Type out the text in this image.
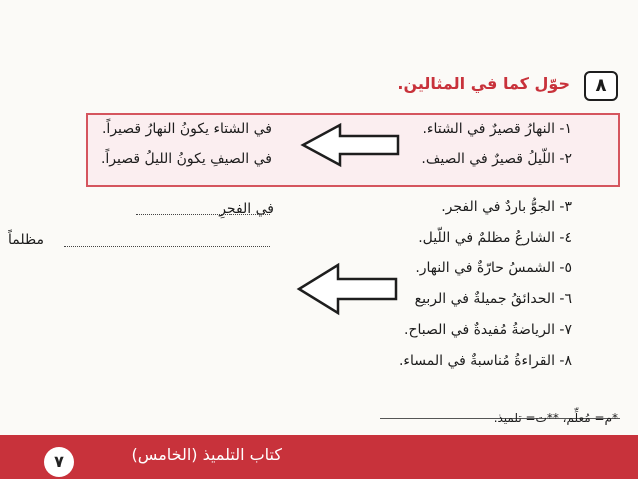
٨
حوّل كما في المثالين.
١- النهارُ قصيرٌ في الشتاء.
٢- اللّيلُ قصيرٌ في الصيف.
في الشتاء يكونُ النهارُ قصيراً.
في الصيفِ يكونُ الليلُ قصيراً.
٣- الجوُّ باردٌ في الفجر.
٤- الشارعُ مظلمٌ في اللّيل.
٥- الشمسُ حارّةٌ في النهار.
٦- الحدائقُ جميلةٌ في الربيع
٧- الرياضةُ مُفيدةٌ في الصباح.
٨- القراءةُ مُناسبةٌ في المساء.
في الفجرِ
مظلماً
*م= مُعلِّم، **ت= تلميذ.
كتاب التلميذ (الخامس)
٧
